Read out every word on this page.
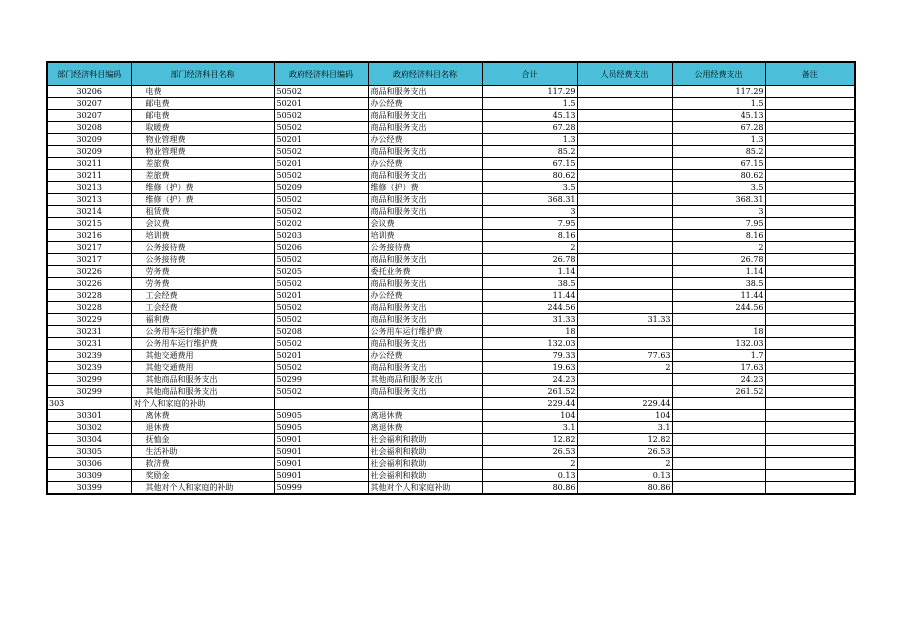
部门经济科目编码	部门经济科目名称	政府经济科目编码	政府经济科目名称	合计	人员经费支出	公用经费支出	备注
30206	电费	50502	商品和服务支出	117.29		117.29	
30207	邮电费	50201	办公经费	1.5		1.5	
30207	邮电费	50502	商品和服务支出	45.13		45.13	
30208	取暖费	50502	商品和服务支出	67.28		67.28	
30209	物业管理费	50201	办公经费	1.3		1.3	
30209	物业管理费	50502	商品和服务支出	85.2		85.2	
30211	差旅费	50201	办公经费	67.15		67.15	
30211	差旅费	50502	商品和服务支出	80.62		80.62	
30213	维修（护）费	50209	维修（护）费	3.5		3.5	
30213	维修（护）费	50502	商品和服务支出	368.31		368.31	
30214	租赁费	50502	商品和服务支出	3		3	
30215	会议费	50202	会议费	7.95		7.95	
30216	培训费	50203	培训费	8.16		8.16	
30217	公务接待费	50206	公务接待费	2		2	
30217	公务接待费	50502	商品和服务支出	26.78		26.78	
30226	劳务费	50205	委托业务费	1.14		1.14	
30226	劳务费	50502	商品和服务支出	38.5		38.5	
30228	工会经费	50201	办公经费	11.44		11.44	
30228	工会经费	50502	商品和服务支出	244.56		244.56	
30229	福利费	50502	商品和服务支出	31.33	31.33		
30231	公务用车运行维护费	50208	公务用车运行维护费	18		18	
30231	公务用车运行维护费	50502	商品和服务支出	132.03		132.03	
30239	其他交通费用	50201	办公经费	79.33	77.63	1.7	
30239	其他交通费用	50502	商品和服务支出	19.63	2	17.63	
30299	其他商品和服务支出	50299	其他商品和服务支出	24.23		24.23	
30299	其他商品和服务支出	50502	商品和服务支出	261.52		261.52	
303	对个人和家庭的补助			229.44	229.44		
30301	离休费	50905	离退休费	104	104		
30302	退休费	50905	离退休费	3.1	3.1		
30304	抚恤金	50901	社会福利和救助	12.82	12.82		
30305	生活补助	50901	社会福利和救助	26.53	26.53		
30306	救济费	50901	社会福利和救助	2	2		
30309	奖励金	50901	社会福利和救助	0.13	0.13		
30399	其他对个人和家庭的补助	50999	其他对个人和家庭补助	80.86	80.86		
